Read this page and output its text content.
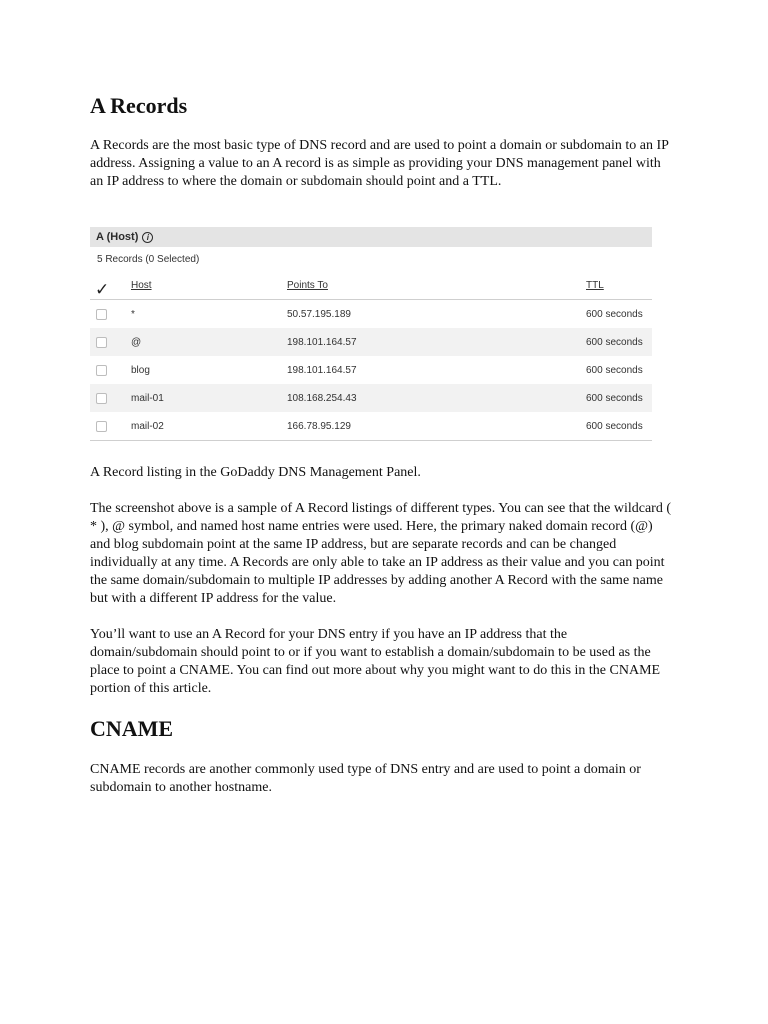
A Records

A Records are the most basic type of DNS record and are used to point a domain or subdomain to an IP address. Assigning a value to an A record is as simple as providing your DNS management panel with an IP address to where the domain or subdomain should point and a TTL.

A (Host)	i
5 Records (0 Selected)
✓ Host	Points To	TTL
*	50.57.195.189	600 seconds
@	198.101.164.57	600 seconds
blog	198.101.164.57	600 seconds
mail-01	108.168.254.43	600 seconds
mail-02	166.78.95.129	600 seconds

A Record listing in the GoDaddy DNS Management Panel.

The screenshot above is a sample of A Record listings of different types. You can see that the wildcard ( * ), @ symbol, and named host name entries were used. Here, the primary naked domain record (@) and blog subdomain point at the same IP address, but are separate records and can be changed individually at any time. A Records are only able to take an IP address as their value and you can point the same domain/subdomain to multiple IP addresses by adding another A Record with the same name but with a different IP address for the value.

You’ll want to use an A Record for your DNS entry if you have an IP address that the domain/subdomain should point to or if you want to establish a domain/subdomain to be used as the place to point a CNAME. You can find out more about why you might want to do this in the CNAME portion of this article.

CNAME

CNAME records are another commonly used type of DNS entry and are used to point a domain or subdomain to another hostname.
